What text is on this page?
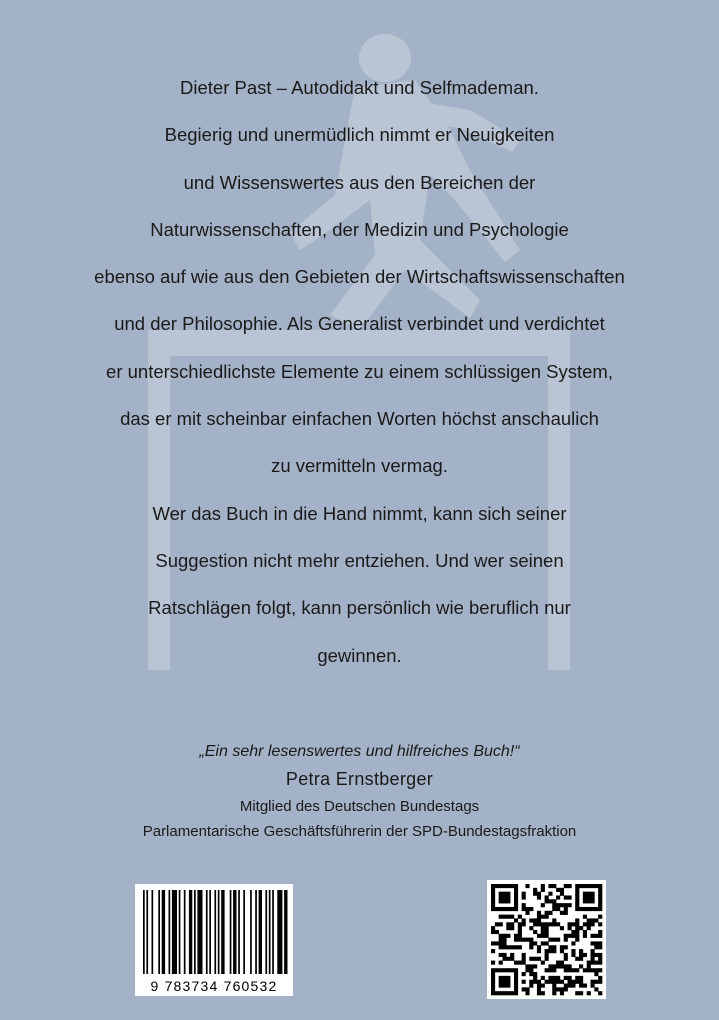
Dieter Past – Autodidakt und Selfmademan.
Begierig und unermüdlich nimmt er Neuigkeiten
und Wissenswertes aus den Bereichen der
Naturwissenschaften, der Medizin und Psychologie
ebenso auf wie aus den Gebieten der Wirtschaftswissenschaften
und der Philosophie. Als Generalist verbindet und verdichtet
er unterschiedlichste Elemente zu einem schlüssigen System,
das er mit scheinbar einfachen Worten höchst anschaulich
zu vermitteln vermag.
Wer das Buch in die Hand nimmt, kann sich seiner
Suggestion nicht mehr entziehen. Und wer seinen
Ratschlägen folgt, kann persönlich wie beruflich nur
gewinnen.
„Ein sehr lesenswertes und hilfreiches Buch!“
Petra Ernstberger
Mitglied des Deutschen Bundestags
Parlamentarische Geschäftsführerin der SPD-Bundestagsfraktion
9 783734 760532
